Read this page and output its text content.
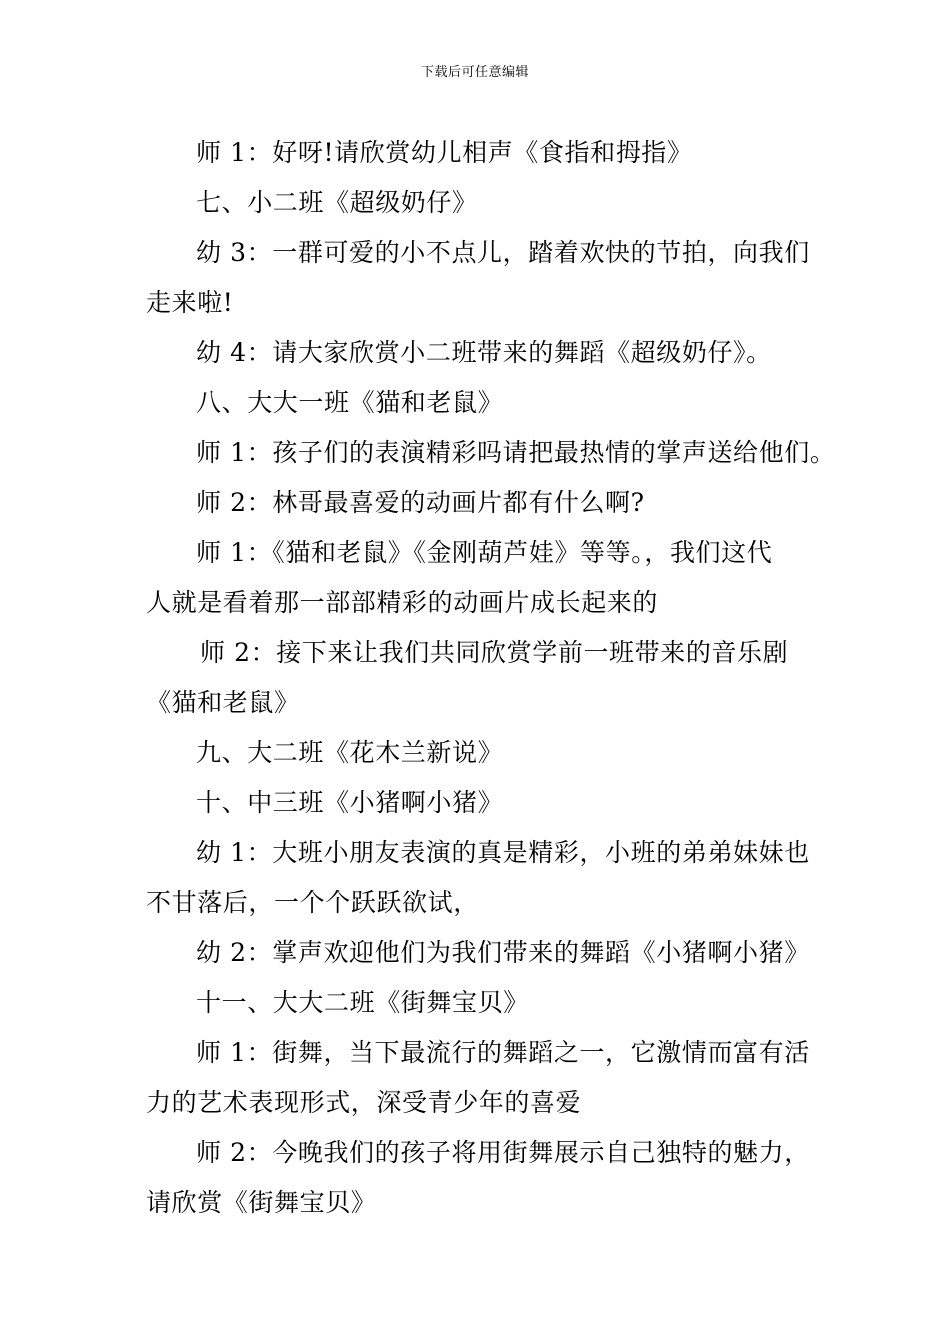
下载后可任意编辑

师 1：好呀!请欣赏幼儿相声《食指和拇指》

七、小二班《超级奶仔》

幼 3：一群可爱的小不点儿，踏着欢快的节拍，向我们
走来啦!

幼 4：请大家欣赏小二班带来的舞蹈《超级奶仔》。

八、大大一班《猫和老鼠》

师 1：孩子们的表演精彩吗请把最热情的掌声送给他们。

师 2：林哥最喜爱的动画片都有什么啊?

师 1：《猫和老鼠》《金刚葫芦娃》等等。，我们这代
人就是看着那一部部精彩的动画片成长起来的

师 2：接下来让我们共同欣赏学前一班带来的音乐剧
《猫和老鼠》

九、大二班《花木兰新说》

十、中三班《小猪啊小猪》

幼 1：大班小朋友表演的真是精彩，小班的弟弟妹妹也
不甘落后，一个个跃跃欲试，

幼 2：掌声欢迎他们为我们带来的舞蹈《小猪啊小猪》

十一、大大二班《街舞宝贝》

师 1：街舞，当下最流行的舞蹈之一，它激情而富有活
力的艺术表现形式，深受青少年的喜爱

师 2：今晚我们的孩子将用街舞展示自己独特的魅力，
请欣赏《街舞宝贝》
